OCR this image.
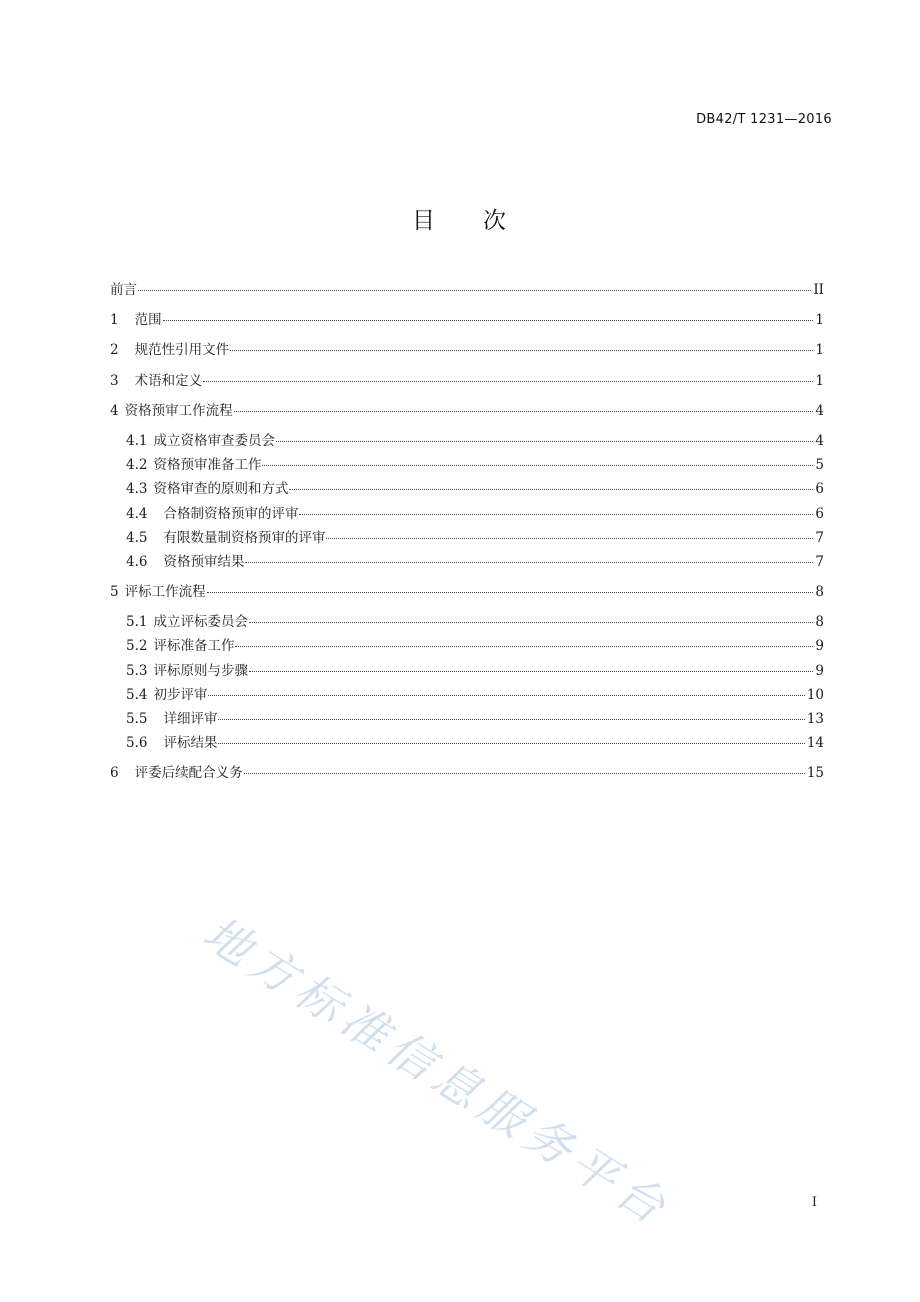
DB42/T 1231—2016
目 次
前言	II
1 范围	1
2 规范性引用文件	1
3 术语和定义	1
4 资格预审工作流程	4
4.1 成立资格审查委员会	4
4.2 资格预审准备工作	5
4.3 资格审查的原则和方式	6
4.4 合格制资格预审的评审	6
4.5 有限数量制资格预审的评审	7
4.6 资格预审结果	7
5 评标工作流程	8
5.1 成立评标委员会	8
5.2 评标准备工作	9
5.3 评标原则与步骤	9
5.4 初步评审	10
5.5 详细评审	13
5.6 评标结果	14
6 评委后续配合义务	15
地方标准信息服务平台	I
